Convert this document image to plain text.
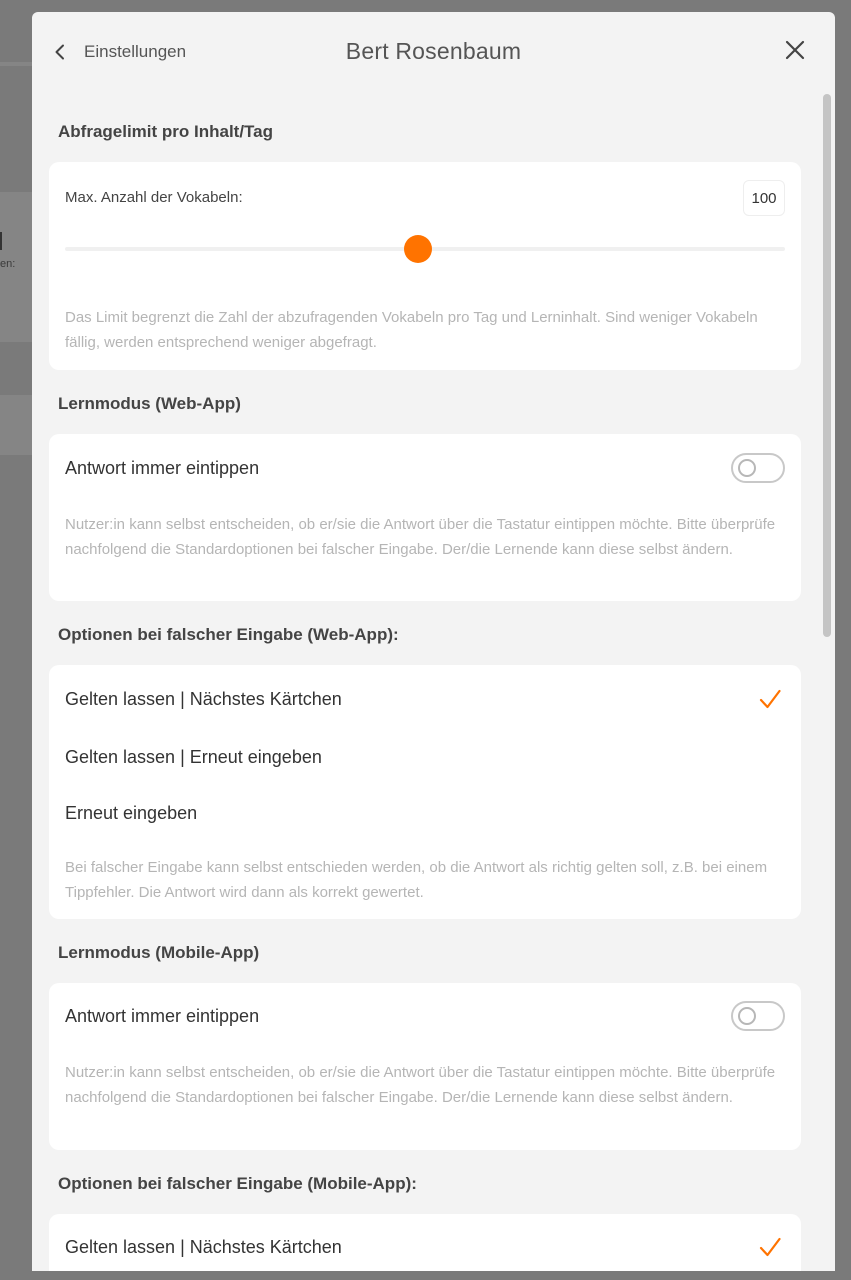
en:
Einstellungen	Bert Rosenbaum
Abfragelimit pro Inhalt/Tag
Max. Anzahl der Vokabeln:	100
Das Limit begrenzt die Zahl der abzufragenden Vokabeln pro Tag und Lerninhalt. Sind weniger Vokabeln fällig, werden entsprechend weniger abgefragt.
Lernmodus (Web-App)
Antwort immer eintippen
Nutzer:in kann selbst entscheiden, ob er/sie die Antwort über die Tastatur eintippen möchte. Bitte überprüfe nachfolgend die Standardoptionen bei falscher Eingabe. Der/die Lernende kann diese selbst ändern.
Optionen bei falscher Eingabe (Web-App):
Gelten lassen | Nächstes Kärtchen
Gelten lassen | Erneut eingeben
Erneut eingeben
Bei falscher Eingabe kann selbst entschieden werden, ob die Antwort als richtig gelten soll, z.B. bei einem Tippfehler. Die Antwort wird dann als korrekt gewertet.
Lernmodus (Mobile-App)
Antwort immer eintippen
Nutzer:in kann selbst entscheiden, ob er/sie die Antwort über die Tastatur eintippen möchte. Bitte überprüfe nachfolgend die Standardoptionen bei falscher Eingabe. Der/die Lernende kann diese selbst ändern.
Optionen bei falscher Eingabe (Mobile-App):
Gelten lassen | Nächstes Kärtchen
